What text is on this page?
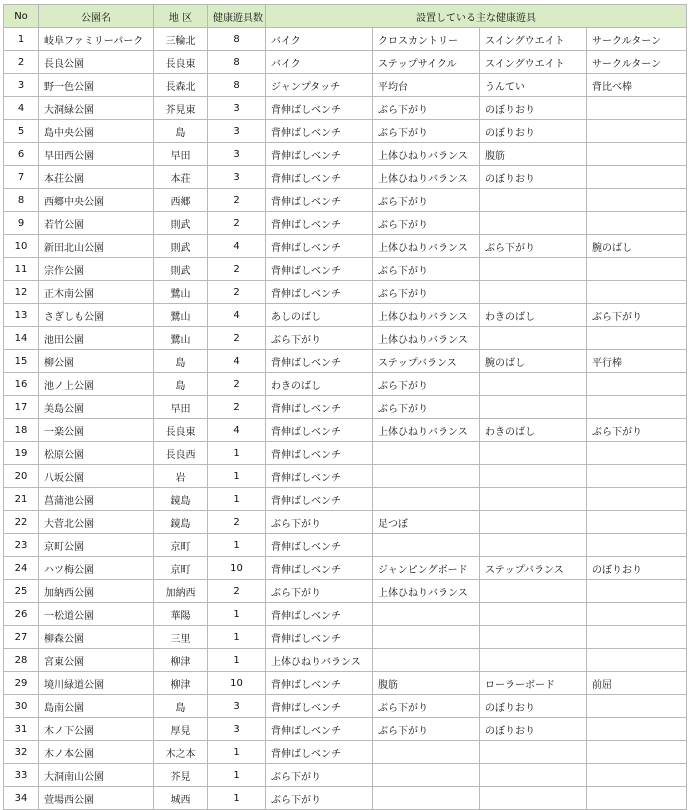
No	公園名	地 区	健康遊具数	設置している主な健康遊具			
1	岐阜ファミリーパーク	三輪北	8	バイク	クロスカントリー	スイングウエイト	サークルターン
2	長良公園	長良東	8	バイク	ステップサイクル	スイングウエイト	サークルターン
3	野一色公園	長森北	8	ジャンプタッチ	平均台	うんてい	背比べ棒
4	大洞緑公園	芥見東	3	背伸ばしベンチ	ぶら下がり	のぼりおり	
5	島中央公園	島	3	背伸ばしベンチ	ぶら下がり	のぼりおり	
6	早田西公園	早田	3	背伸ばしベンチ	上体ひねりバランス	腹筋	
7	本荘公園	本荘	3	背伸ばしベンチ	上体ひねりバランス	のぼりおり	
8	西郷中央公園	西郷	2	背伸ばしベンチ	ぶら下がり		
9	若竹公園	則武	2	背伸ばしベンチ	ぶら下がり		
10	新田北山公園	則武	4	背伸ばしベンチ	上体ひねりバランス	ぶら下がり	腕のばし
11	宗作公園	則武	2	背伸ばしベンチ	ぶら下がり		
12	正木南公園	鷺山	2	背伸ばしベンチ	ぶら下がり		
13	さぎしも公園	鷺山	4	あしのばし	上体ひねりバランス	わきのばし	ぶら下がり
14	池田公園	鷺山	2	ぶら下がり	上体ひねりバランス		
15	柳公園	島	4	背伸ばしベンチ	ステップバランス	腕のばし	平行棒
16	池ノ上公園	島	2	わきのばし	ぶら下がり		
17	美島公園	早田	2	背伸ばしベンチ	ぶら下がり		
18	一楽公園	長良東	4	背伸ばしベンチ	上体ひねりバランス	わきのばし	ぶら下がり
19	松原公園	長良西	1	背伸ばしベンチ			
20	八坂公園	岩	1	背伸ばしベンチ			
21	菖蒲池公園	鏡島	1	背伸ばしベンチ			
22	大菅北公園	鏡島	2	ぶら下がり	足つぼ		
23	京町公園	京町	1	背伸ばしベンチ			
24	ハツ梅公園	京町	10	背伸ばしベンチ	ジャンピングボード	ステップバランス	のぼりおり
25	加納西公園	加納西	2	ぶら下がり	上体ひねりバランス		
26	一松道公園	華陽	1	背伸ばしベンチ			
27	柳森公園	三里	1	背伸ばしベンチ			
28	宮東公園	柳津	1	上体ひねりバランス			
29	境川緑道公園	柳津	10	背伸ばしベンチ	腹筋	ローラーボード	前屈
30	島南公園	島	3	背伸ばしベンチ	ぶら下がり	のぼりおり	
31	木ノ下公園	厚見	3	背伸ばしベンチ	ぶら下がり	のぼりおり	
32	木ノ本公園	木之本	1	背伸ばしベンチ			
33	大洞南山公園	芥見	1	ぶら下がり			
34	萱場西公園	城西	1	ぶら下がり			
